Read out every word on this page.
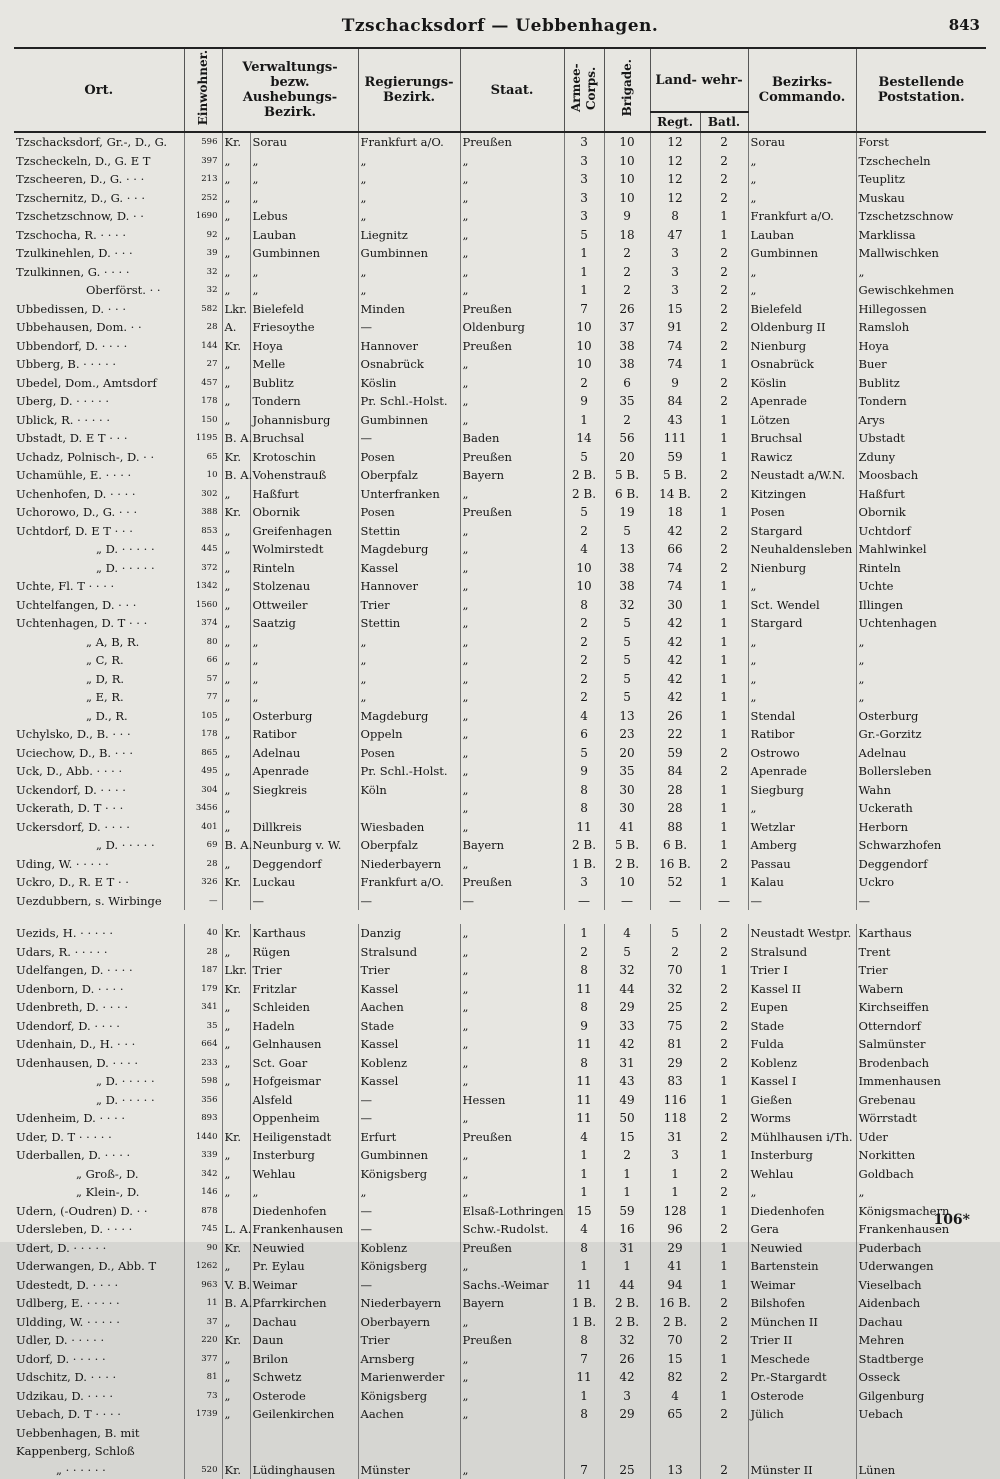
Tzschacksdorf — Uebbenhagen.	843
Ort.	Einwohner.	Verwaltungs- bezw. Aushebungs- Bezirk.		Regierungs- Bezirk.	Staat.	Armee-Corps.	Brigade.	Land- wehr-		Bezirks- Commando.	Bestellende Poststation.
								Regt.	Batl.		
Tzschacksdorf, Gr.-, D., G.	596	Kr.	Sorau	Frankfurt a/O.	Preußen	3	10	12	2	Sorau	Forst
Tzscheckeln, D., G. E T	397	„	„	„	„	3	10	12	2	„	Tzschecheln
Tzscheeren, D., G. · · ·	213	„	„	„	„	3	10	12	2	„	Teuplitz
Tzschernitz, D., G. · · ·	252	„	„	„	„	3	10	12	2	„	Muskau
Tzschetzschnow, D. · ·	1690	„	Lebus	„	„	3	9	8	1	Frankfurt a/O.	Tzschetzschnow
Tzschocha, R. · · · ·	92	„	Lauban	Liegnitz	„	5	18	47	1	Lauban	Marklissa
Tzulkinehlen, D. · · ·	39	„	Gumbinnen	Gumbinnen	„	1	2	3	2	Gumbinnen	Mallwischken
Tzulkinnen, G. · · · ·	32	„	„	„	„	1	2	3	2	„	„
Oberförst. · ·	32	„	„	„	„	1	2	3	2	„	Gewischkehmen
Ubbedissen, D. · · ·	582	Lkr.	Bielefeld	Minden	Preußen	7	26	15	2	Bielefeld	Hillegossen
Ubbehausen, Dom. · ·	28	A.	Friesoythe	—	Oldenburg	10	37	91	2	Oldenburg II	Ramsloh
Ubbendorf, D. · · · ·	144	Kr.	Hoya	Hannover	Preußen	10	38	74	2	Nienburg	Hoya
Ubberg, B. · · · · ·	27	„	Melle	Osnabrück	„	10	38	74	1	Osnabrück	Buer
Ubedel, Dom., Amtsdorf	457	„	Bublitz	Köslin	„	2	6	9	2	Köslin	Bublitz
Uberg, D. · · · · ·	178	„	Tondern	Pr. Schl.-Holst.	„	9	35	84	2	Apenrade	Tondern
Ublick, R. · · · · ·	150	„	Johannisburg	Gumbinnen	„	1	2	43	1	Lötzen	Arys
Ubstadt, D. E T · · ·	1195	B. A.	Bruchsal	—	Baden	14	56	111	1	Bruchsal	Ubstadt
Uchadz, Polnisch-, D. · ·	65	Kr.	Krotoschin	Posen	Preußen	5	20	59	1	Rawicz	Zduny
Uchamühle, E. · · · ·	10	B. A.	Vohenstrauß	Oberpfalz	Bayern	2 B.	5 B.	5 B.	2	Neustadt a/W.N.	Moosbach
Uchenhofen, D. · · · ·	302	„	Haßfurt	Unterfranken	„	2 B.	6 B.	14 B.	2	Kitzingen	Haßfurt
Uchorowo, D., G. · · ·	388	Kr.	Obornik	Posen	Preußen	5	19	18	1	Posen	Obornik
Uchtdorf, D. E T · · ·	853	„	Greifenhagen	Stettin	„	2	5	42	2	Stargard	Uchtdorf
„ D. · · · · ·	445	„	Wolmirstedt	Magdeburg	„	4	13	66	2	Neuhaldensleben	Mahlwinkel
„ D. · · · · ·	372	„	Rinteln	Kassel	„	10	38	74	2	Nienburg	Rinteln
Uchte, Fl. T · · · ·	1342	„	Stolzenau	Hannover	„	10	38	74	1	„	Uchte
Uchtelfangen, D. · · ·	1560	„	Ottweiler	Trier	„	8	32	30	1	Sct. Wendel	Illingen
Uchtenhagen, D. T · · ·	374	„	Saatzig	Stettin	„	2	5	42	1	Stargard	Uchtenhagen
„ A, B, R.	80	„	„	„	„	2	5	42	1	„	„
„ C, R.	66	„	„	„	„	2	5	42	1	„	„
„ D, R.	57	„	„	„	„	2	5	42	1	„	„
„ E, R.	77	„	„	„	„	2	5	42	1	„	„
„ D., R.	105	„	Osterburg	Magdeburg	„	4	13	26	1	Stendal	Osterburg
Uchylsko, D., B. · · ·	178	„	Ratibor	Oppeln	„	6	23	22	1	Ratibor	Gr.-Gorzitz
Uciechow, D., B. · · ·	865	„	Adelnau	Posen	„	5	20	59	2	Ostrowo	Adelnau
Uck, D., Abb. · · · ·	495	„	Apenrade	Pr. Schl.-Holst.	„	9	35	84	2	Apenrade	Bollersleben
Uckendorf, D. · · · ·	304	„	Siegkreis	Köln	„	8	30	28	1	Siegburg	Wahn
Uckerath, D. T · · ·	3456	„			„	8	30	28	1	„	Uckerath
Uckersdorf, D. · · · ·	401	„	Dillkreis	Wiesbaden	„	11	41	88	1	Wetzlar	Herborn
„ D. · · · · ·	69	B. A.	Neunburg v. W.	Oberpfalz	Bayern	2 B.	5 B.	6 B.	1	Amberg	Schwarzhofen
Uding, W. · · · · ·	28	„	Deggendorf	Niederbayern	„	1 B.	2 B.	16 B.	2	Passau	Deggendorf
Uckro, D., R. E T · ·	326	Kr.	Luckau	Frankfurt a/O.	Preußen	3	10	52	1	Kalau	Uckro
Uezdubbern, s. Wirbinge	—		—	—	—	—	—	—	—	—	—

Uezids, H. · · · · ·	40	Kr.	Karthaus	Danzig	„	1	4	5	2	Neustadt Westpr.	Karthaus
Udars, R. · · · · ·	28	„	Rügen	Stralsund	„	2	5	2	2	Stralsund	Trent
Udelfangen, D. · · · ·	187	Lkr.	Trier	Trier	„	8	32	70	1	Trier I	Trier
Udenborn, D. · · · ·	179	Kr.	Fritzlar	Kassel	„	11	44	32	2	Kassel II	Wabern
Udenbreth, D. · · · ·	341	„	Schleiden	Aachen	„	8	29	25	2	Eupen	Kirchseiffen
Udendorf, D. · · · ·	35	„	Hadeln	Stade	„	9	33	75	2	Stade	Otterndorf
Udenhain, D., H. · · ·	664	„	Gelnhausen	Kassel	„	11	42	81	2	Fulda	Salmünster
Udenhausen, D. · · · ·	233	„	Sct. Goar	Koblenz	„	8	31	29	2	Koblenz	Brodenbach
„ D. · · · · ·	598	„	Hofgeismar	Kassel	„	11	43	83	1	Kassel I	Immenhausen
„ D. · · · · ·	356		Alsfeld	—	Hessen	11	49	116	1	Gießen	Grebenau
Udenheim, D. · · · ·	893		Oppenheim	—	„	11	50	118	2	Worms	Wörrstadt
Uder, D. T · · · · ·	1440	Kr.	Heiligenstadt	Erfurt	Preußen	4	15	31	2	Mühlhausen i/Th.	Uder
Uderballen, D. · · · ·	339	„	Insterburg	Gumbinnen	„	1	2	3	1	Insterburg	Norkitten
„ Groß-, D.	342	„	Wehlau	Königsberg	„	1	1	1	2	Wehlau	Goldbach
„ Klein-, D.	146	„	„	„	„	1	1	1	2	„	„
Udern, (-Oudren) D. · ·	878		Diedenhofen	—	Elsaß-Lothringen	15	59	128	1	Diedenhofen	Königsmachern
Udersleben, D. · · · ·	745	L. A.	Frankenhausen	—	Schw.-Rudolst.	4	16	96	2	Gera	Frankenhausen
Udert, D. · · · · ·	90	Kr.	Neuwied	Koblenz	Preußen	8	31	29	1	Neuwied	Puderbach
Uderwangen, D., Abb. T	1262	„	Pr. Eylau	Königsberg	„	1	1	41	1	Bartenstein	Uderwangen
Udestedt, D. · · · ·	963	V. B.	Weimar	—	Sachs.-Weimar	11	44	94	1	Weimar	Vieselbach
Udlberg, E. · · · · ·	11	B. A.	Pfarrkirchen	Niederbayern	Bayern	1 B.	2 B.	16 B.	2	Bilshofen	Aidenbach
Uldding, W. · · · · ·	37	„	Dachau	Oberbayern	„	1 B.	2 B.	2 B.	2	München II	Dachau
Udler, D. · · · · ·	220	Kr.	Daun	Trier	Preußen	8	32	70	2	Trier II	Mehren
Udorf, D. · · · · ·	377	„	Brilon	Arnsberg	„	7	26	15	1	Meschede	Stadtberge
Udschitz, D. · · · ·	81	„	Schwetz	Marienwerder	„	11	42	82	2	Pr.-Stargardt	Osseck
Udzikau, D. · · · ·	73	„	Osterode	Königsberg	„	1	3	4	1	Osterode	Gilgenburg
Uebach, D. T · · · ·	1739	„	Geilenkirchen	Aachen	„	8	29	65	2	Jülich	Uebach
Uebbenhagen, B. mit											
Kappenberg, Schloß											
„ · · · · · ·	520	Kr.	Lüdinghausen	Münster	„	7	25	13	2	Münster II	Lünen
106*
